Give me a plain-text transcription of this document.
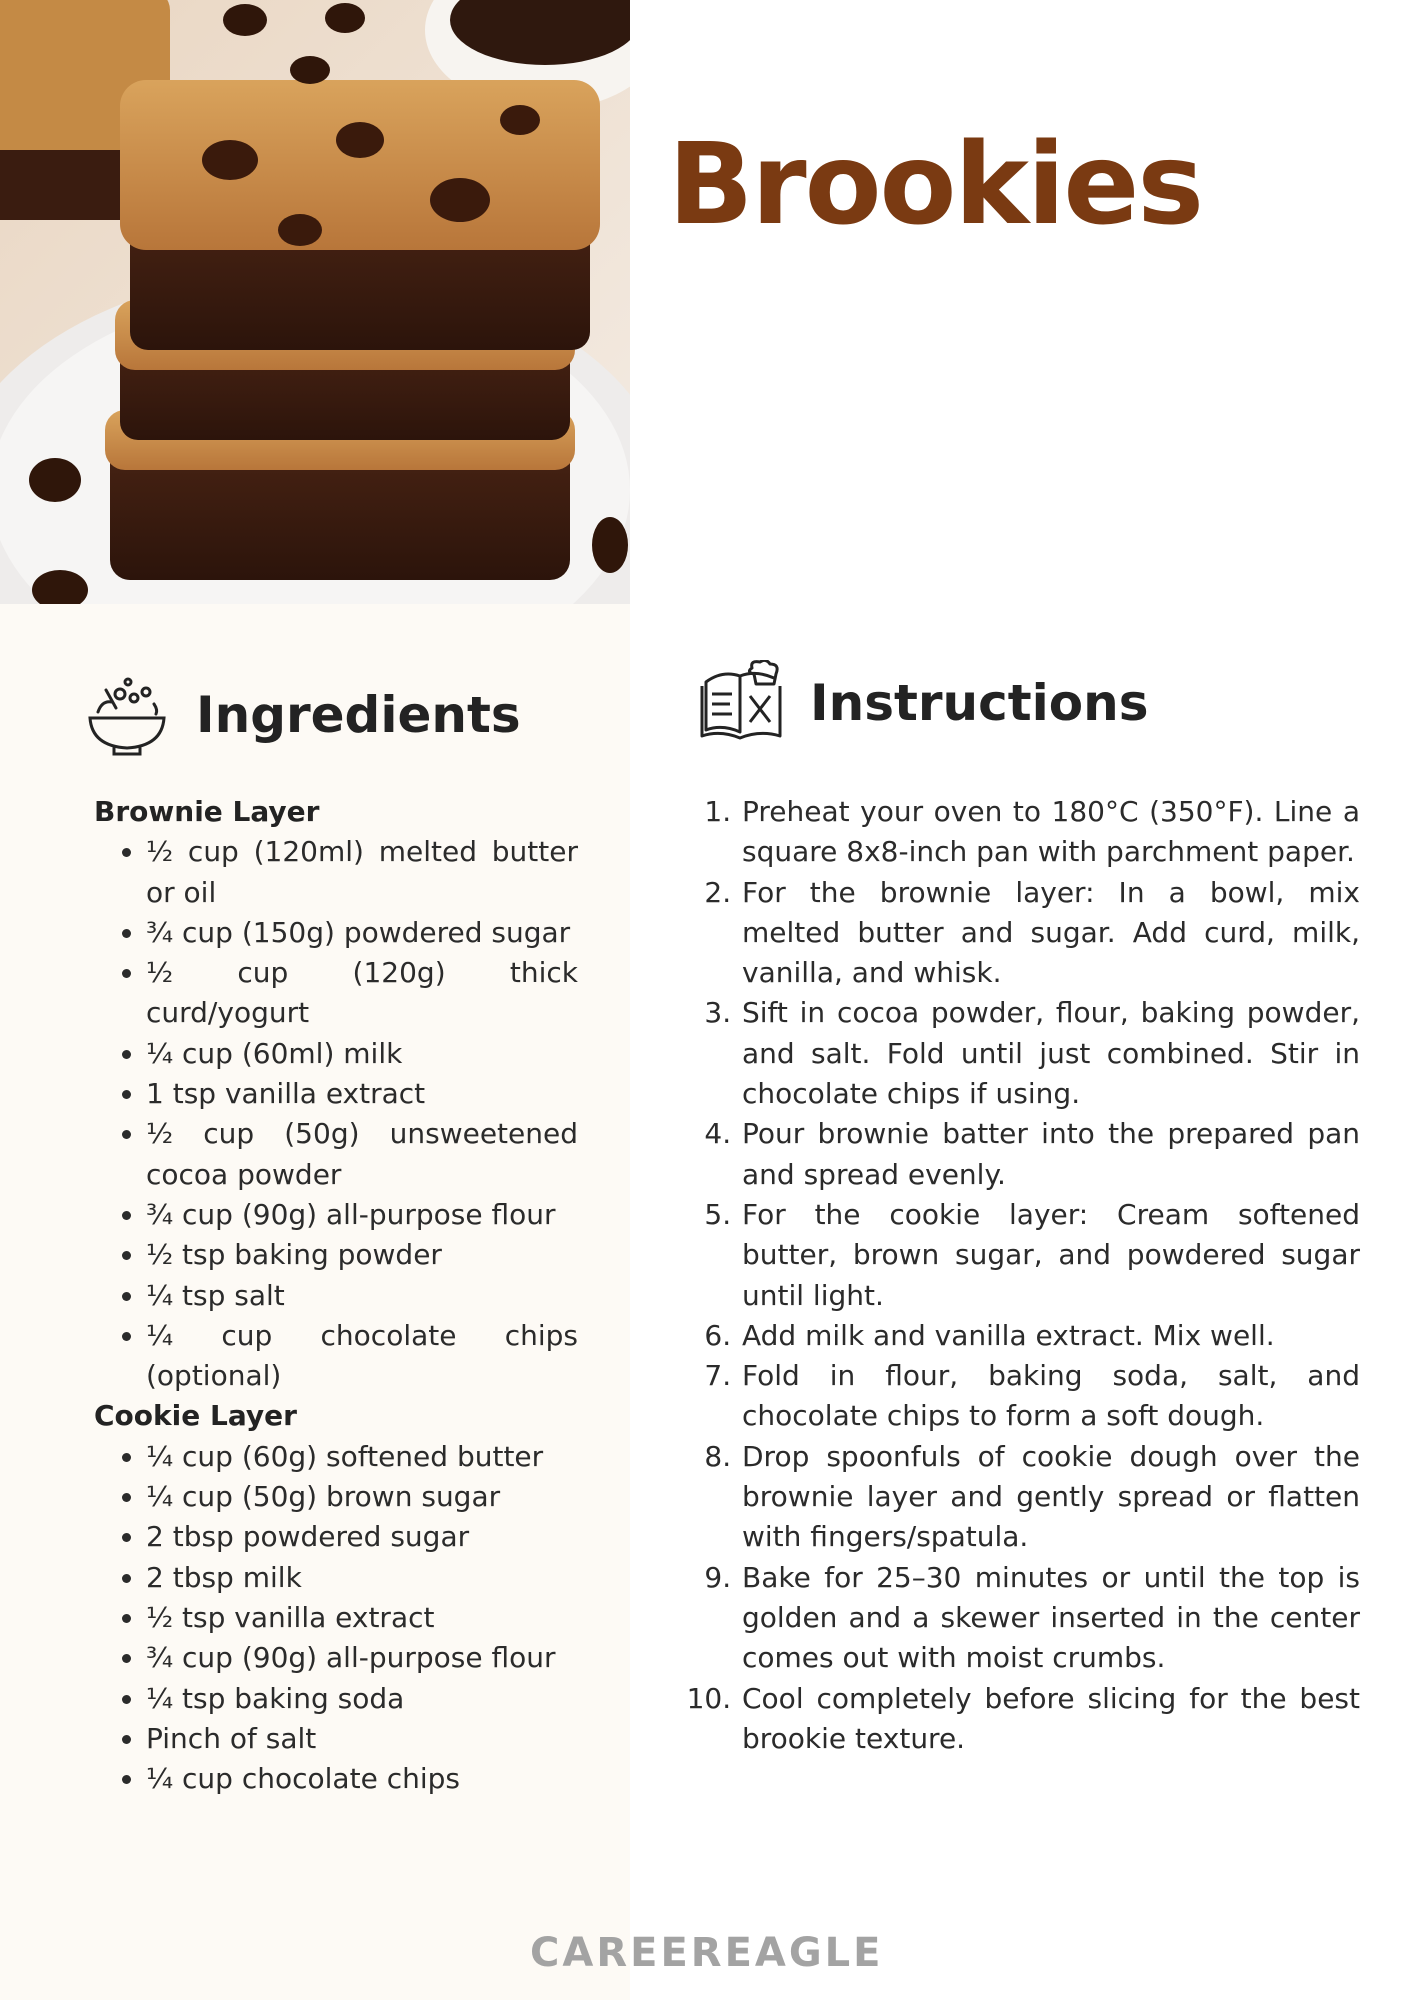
Brookies
Ingredients	Instructions
Brownie Layer
• ½ cup (120ml) melted butter or oil
• ¾ cup (150g) powdered sugar
• ½ cup (120g) thick curd/yogurt
• ¼ cup (60ml) milk
• 1 tsp vanilla extract
• ½ cup (50g) unsweetened cocoa powder
• ¾ cup (90g) all-purpose flour
• ½ tsp baking powder
• ¼ tsp salt
• ¼ cup chocolate chips (optional)
Cookie Layer
• ¼ cup (60g) softened butter
• ¼ cup (50g) brown sugar
• 2 tbsp powdered sugar
• 2 tbsp milk
• ½ tsp vanilla extract
• ¾ cup (90g) all-purpose flour
• ¼ tsp baking soda
• Pinch of salt
• ¼ cup chocolate chips
1. Preheat your oven to 180°C (350°F). Line a square 8x8-inch pan with parchment paper.
2. For the brownie layer: In a bowl, mix melted butter and sugar. Add curd, milk, vanilla, and whisk.
3. Sift in cocoa powder, flour, baking powder, and salt. Fold until just combined. Stir in chocolate chips if using.
4. Pour brownie batter into the prepared pan and spread evenly.
5. For the cookie layer: Cream softened butter, brown sugar, and powdered sugar until light.
6. Add milk and vanilla extract. Mix well.
7. Fold in flour, baking soda, salt, and chocolate chips to form a soft dough.
8. Drop spoonfuls of cookie dough over the brownie layer and gently spread or flatten with fingers/spatula.
9. Bake for 25–30 minutes or until the top is golden and a skewer inserted in the center comes out with moist crumbs.
10. Cool completely before slicing for the best brookie texture.
CAREEREAGLE
